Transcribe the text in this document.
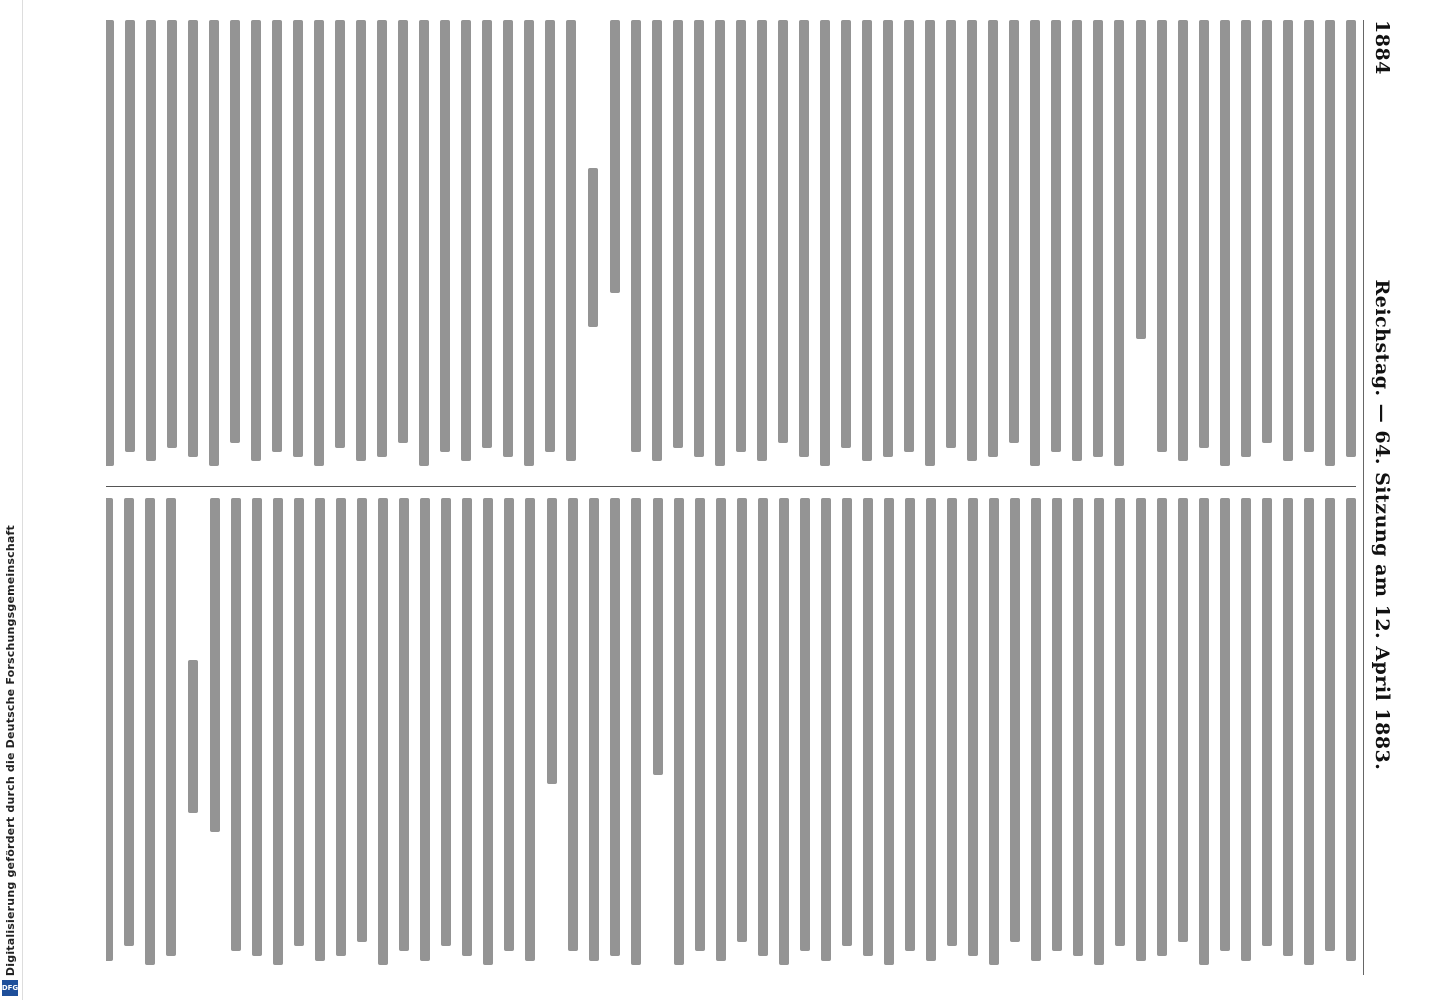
Digitalisierung gefördert durch die Deutsche Forschungsgemeinschaft
DFG
1884
Reichstag. — 64. Sitzung am 12. April 1883.
